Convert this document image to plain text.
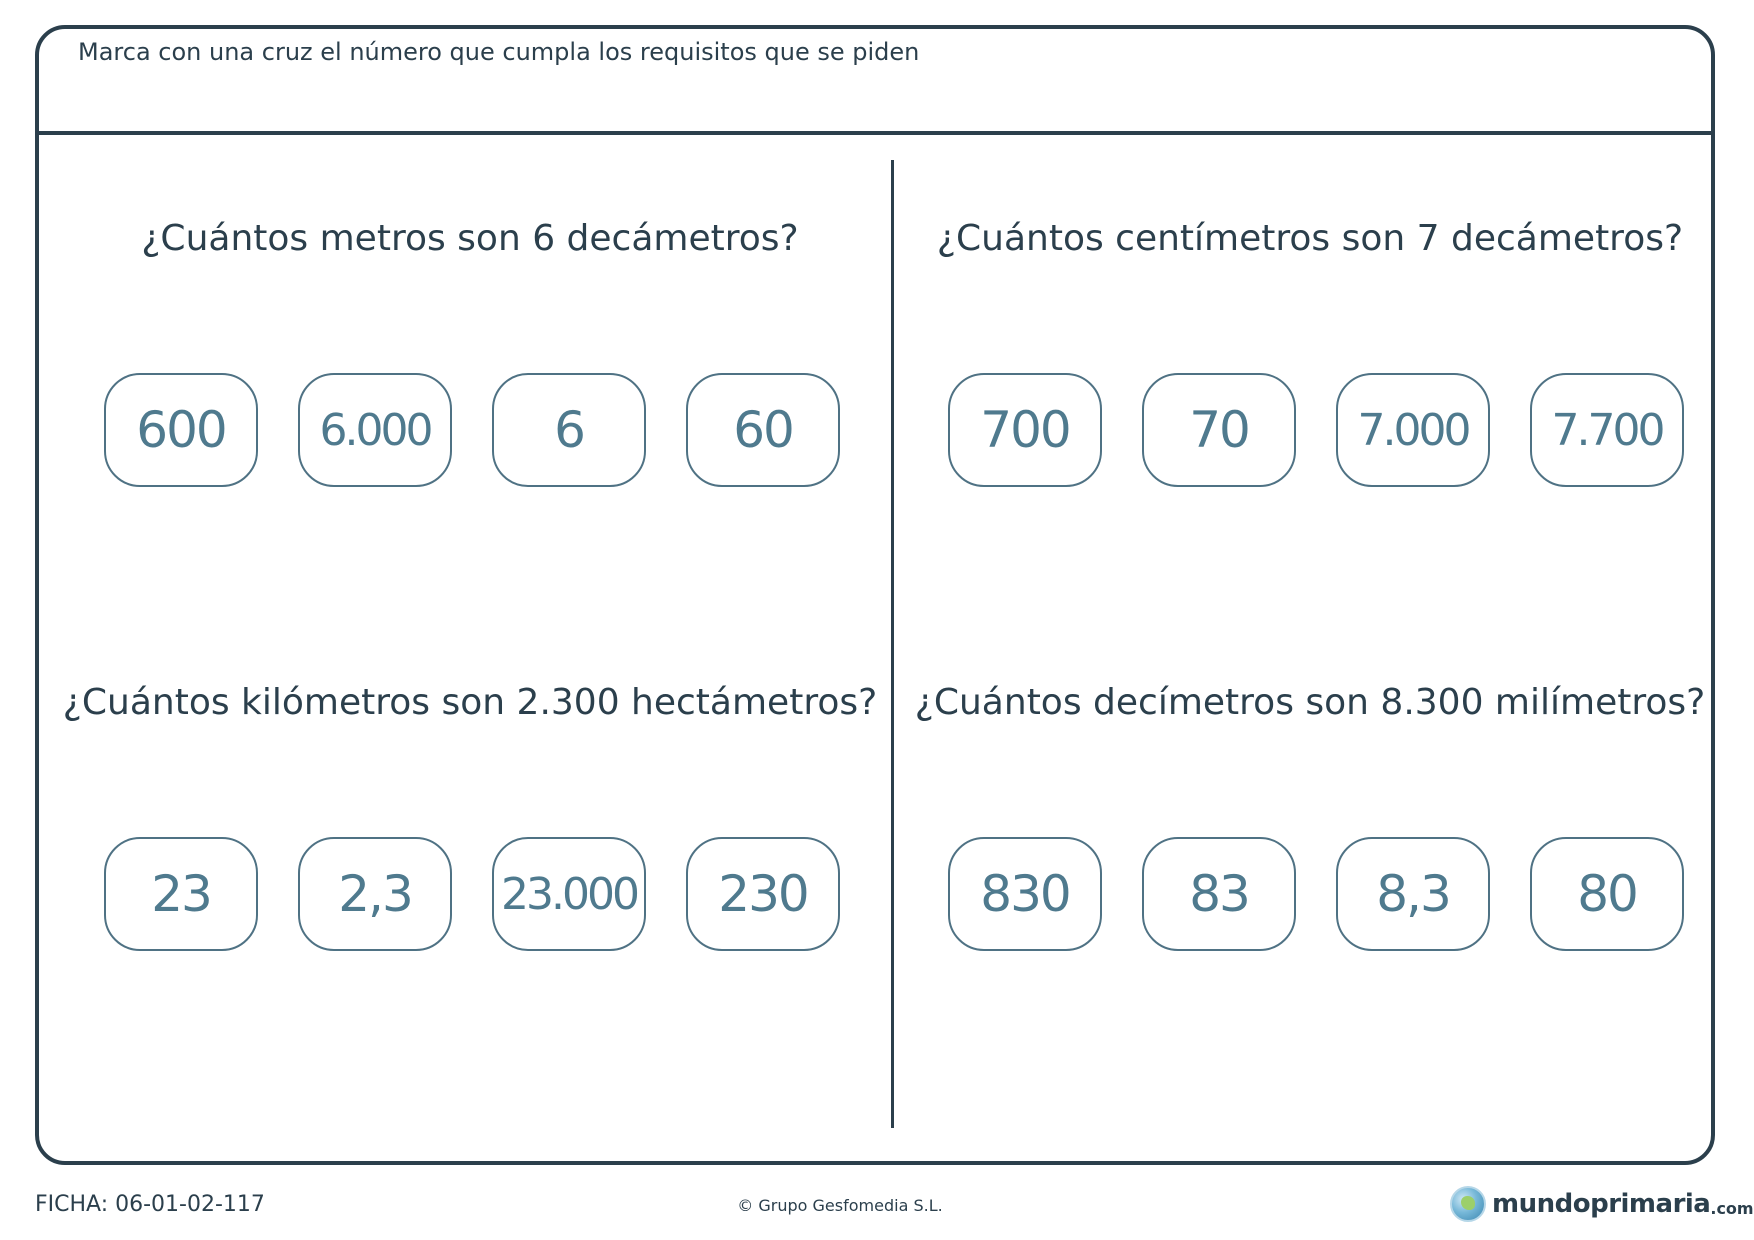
Marca con una cruz el número que cumpla los requisitos que se piden
¿Cuántos metros son 6 decámetros?	¿Cuántos centímetros son 7 decámetros?
¿Cuántos kilómetros son 2.300 hectámetros?	¿Cuántos decímetros son 8.300 milímetros?
600	6.000	6	60	700	70	7.000	7.700
23	2,3	23.000	230	830	83	8,3	80
FICHA: 06-01-02-117	© Grupo Gesfomedia S.L.	mundoprimaria .com
